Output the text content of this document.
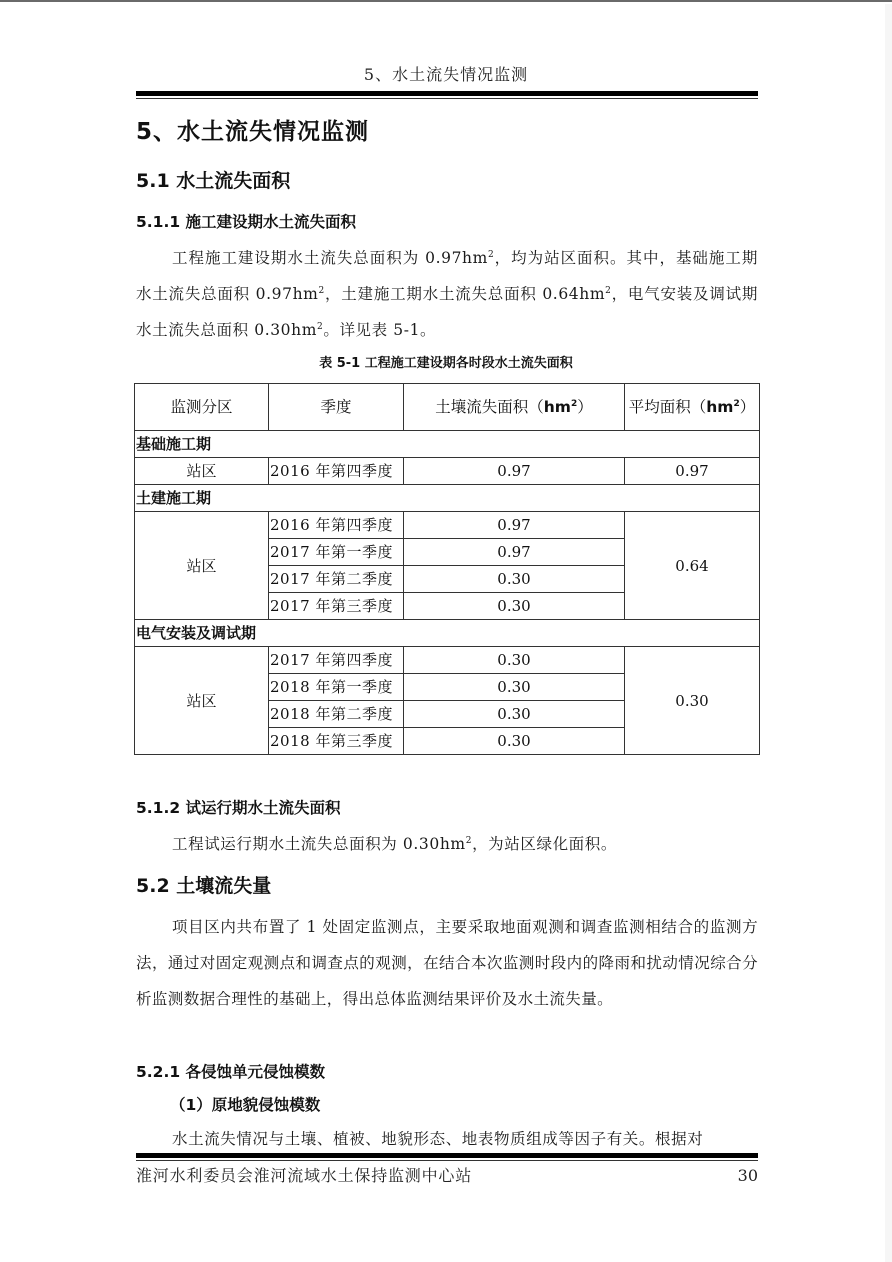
5、水土流失情况监测
5、水土流失情况监测
5.1 水土流失面积
5.1.1 施工建设期水土流失面积
工程施工建设期水土流失总面积为 $0.97hm^2$，均为站区面积。其中，基础施工期水土流失总面积 $0.97hm^2$，土建施工期水土流失总面积 $0.64hm^2$，电气安装及调试期水土流失总面积 $0.30hm^2$。详见表 5-1。
表 5-1 工程施工建设期各时段水土流失面积
监测分区	季度	土壤流失面积$(hm^2)$	平均面积$(hm^2)$
基础施工期			
站区	2016 年第四季度	0.97	0.97
土建施工期			
站区	2016 年第四季度	0.97	0.64
	2017 年第一季度	0.97	
	2017 年第二季度	0.30	
	2017 年第三季度	0.30	
电气安装及调试期			
站区	2017 年第四季度	0.30	0.30
	2018 年第一季度	0.30	
	2018 年第二季度	0.30	
	2018 年第三季度	0.30	
5.1.2 试运行期水土流失面积
工程试运行期水土流失总面积为 $0.30hm^2$，为站区绿化面积。
5.2 土壤流失量
项目区内共布置了 1 处固定监测点，主要采取地面观测和调查监测相结合的监测方法，通过对固定观测点和调查点的观测，在结合本次监测时段内的降雨和扰动情况综合分析监测数据合理性的基础上，得出总体监测结果评价及水土流失量。
5.2.1 各侵蚀单元侵蚀模数
（1）原地貌侵蚀模数
水土流失情况与土壤、植被、地貌形态、地表物质组成等因子有关。根据对
淮河水利委员会淮河流域水土保持监测中心站	30
